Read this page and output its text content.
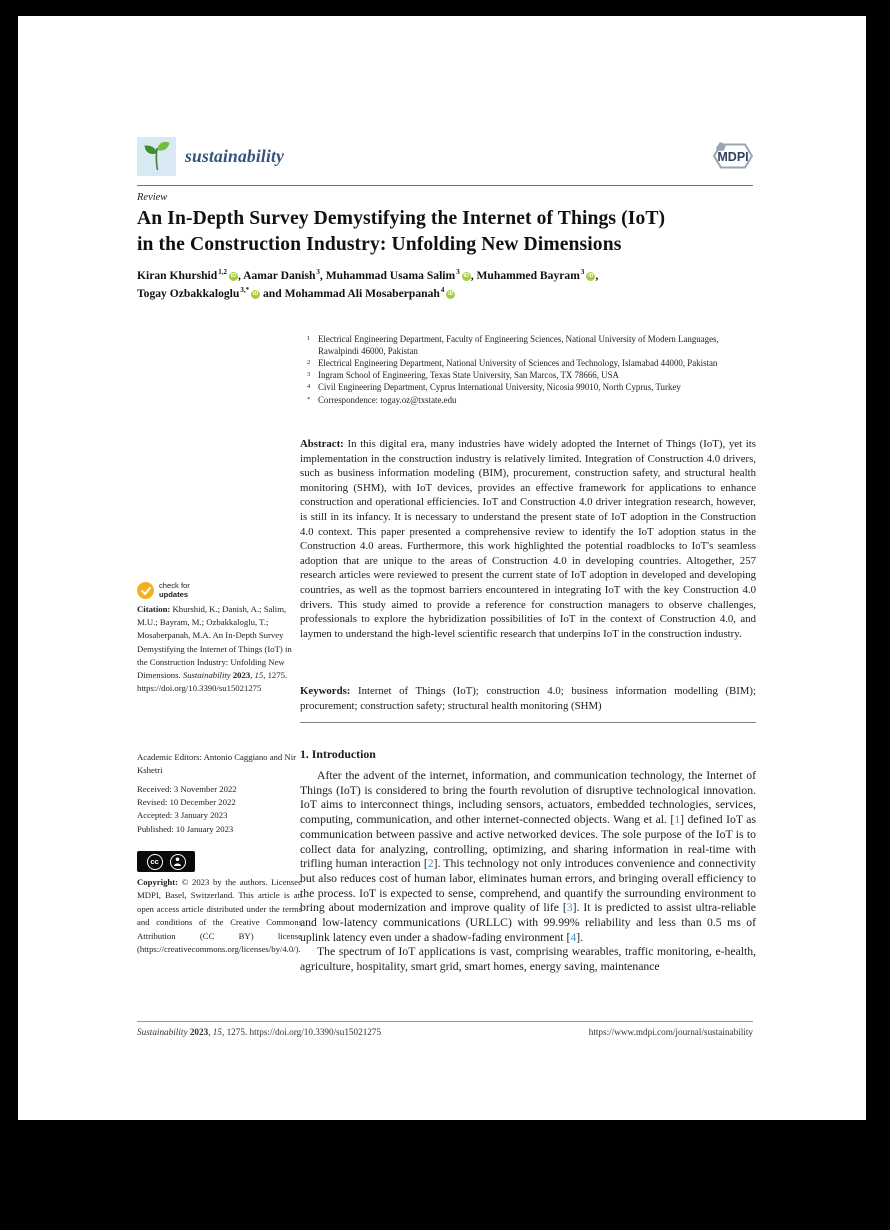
sustainability	MDPI
Review
An In-Depth Survey Demystifying the Internet of Things (IoT)
in the Construction Industry: Unfolding New Dimensions
Kiran Khurshid$^{1,2}$ iD , Aamar Danish$^3$, Muhammad Usama Salim$^3$ iD , Muhammed Bayram$^3$ iD ,
Togay Ozbakkaloglu$^{3,*}$ iD and Mohammad Ali Mosaberpanah$^4$ iD
1 Electrical Engineering Department, Faculty of Engineering Sciences, National University of Modern Languages, Rawalpindi 46000, Pakistan
2 Electrical Engineering Department, National University of Sciences and Technology, Islamabad 44000, Pakistan
3 Ingram School of Engineering, Texas State University, San Marcos, TX 78666, USA
4 Civil Engineering Department, Cyprus International University, Nicosia 99010, North Cyprus, Turkey
* Correspondence: togay.oz@txstate.edu
Abstract: In this digital era, many industries have widely adopted the Internet of Things (IoT), yet its implementation in the construction industry is relatively limited. Integration of Construction 4.0 drivers, such as business information modeling (BIM), procurement, construction safety, and structural health monitoring (SHM), with IoT devices, provides an effective framework for applications to enhance construction and operational efficiencies. IoT and Construction 4.0 driver integration research, however, is still in its infancy. It is necessary to understand the present state of IoT adoption in the Construction 4.0 context. This paper presented a comprehensive review to identify the IoT adoption status in the Construction 4.0 areas. Furthermore, this work highlighted the potential roadblocks to IoT's seamless adoption that are unique to the areas of Construction 4.0 in developing countries. Altogether, 257 research articles were reviewed to present the current state of IoT adoption in developed and developing countries, as well as the topmost barriers encountered in integrating IoT with the key Construction 4.0 drivers. This study aimed to provide a reference for construction managers to observe challenges, professionals to explore the hybridization possibilities of IoT in the context of Construction 4.0, and laymen to understand the high-level scientific research that underpins IoT in the construction industry.
Keywords: Internet of Things (IoT); construction 4.0; business information modelling (BIM); procurement; construction safety; structural health monitoring (SHM)
check for
updates
Citation: Khurshid, K.; Danish, A.; Salim, M.U.; Bayram, M.; Ozbakkaloglu, T.; Mosaberpanah, M.A. An In-Depth Survey Demystifying the Internet of Things (IoT) in the Construction Industry: Unfolding New Dimensions. Sustainability 2023, 15, 1275. https://doi.org/10.3390/su15021275
Academic Editors: Antonio Caggiano and Nir Kshetri
Received: 3 November 2022
Revised: 10 December 2022
Accepted: 3 January 2023
Published: 10 January 2023
cc
Copyright: © 2023 by the authors. Licensee MDPI, Basel, Switzerland. This article is an open access article distributed under the terms and conditions of the Creative Commons Attribution (CC BY) license (https://creativecommons.org/licenses/by/4.0/).
1. Introduction

After the advent of the internet, information, and communication technology, the Internet of Things (IoT) is considered to bring the fourth revolution of disruptive technological innovation. IoT aims to interconnect things, including sensors, actuators, embedded technologies, services, computing, communication, and other internet-connected objects. Wang et al. [1] defined IoT as communication between passive and active networked devices. The sole purpose of the IoT is to collect data for analyzing, controlling, optimizing, and sharing information in real-time with trifling human interaction [2]. This technology not only introduces convenience and connectivity but also reduces cost of human labor, eliminates human errors, and bringing overall efficiency to the process. IoT is expected to sense, comprehend, and quantify the surrounding environment to bring about modernization and improve quality of life [3]. It is predicted to assist ultra-reliable and low-latency communications (URLLC) with 99.99% reliability and less than 0.5 ms of uplink latency even under a shadow-fading environment [4].

The spectrum of IoT applications is vast, comprising wearables, traffic monitoring, e-health, agriculture, hospitality, smart grid, smart homes, energy saving, maintenance

Sustainability 2023, 15, 1275. https://doi.org/10.3390/su15021275	https://www.mdpi.com/journal/sustainability
